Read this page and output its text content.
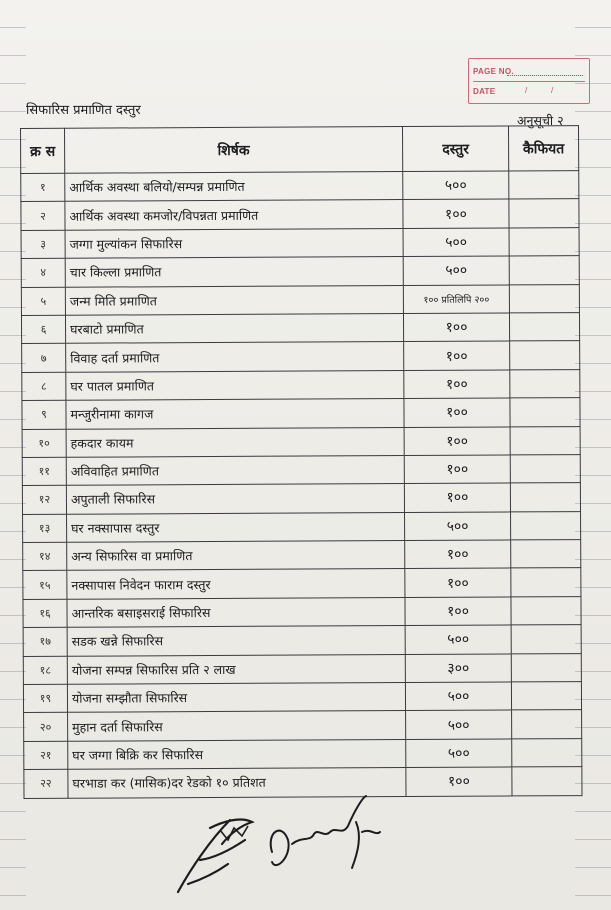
PAGE NO.
DATE	/	/
सिफारिस प्रमाणित दस्तुर
अनुसूची २
क्र स	शिर्षक	दस्तुर	कैफियत
१	आर्थिक अवस्था बलियो/सम्पन्न प्रमाणित	५००	
२	आर्थिक अवस्था कमजोर/विपन्नता प्रमाणित	१००	
३	जग्गा मुल्यांकन सिफारिस	५००	
४	चार किल्ला प्रमाणित	५००	
५	जन्म मिति प्रमाणित	१०० प्रतिलिपि २००	
६	घरबाटो प्रमाणित	१००	
७	विवाह दर्ता प्रमाणित	१००	
८	घर पातल प्रमाणित	१००	
९	मन्जुरीनामा कागज	१००	
१०	हकदार कायम	१००	
११	अविवाहित प्रमाणित	१००	
१२	अपुताली सिफारिस	१००	
१३	घर नक्सापास दस्तुर	५००	
१४	अन्य सिफारिस वा प्रमाणित	१००	
१५	नक्सापास निवेदन फाराम दस्तुर	१००	
१६	आन्तरिक बसाइसराई सिफारिस	१००	
१७	सडक खन्ने सिफारिस	५००	
१८	योजना सम्पन्न सिफारिस प्रति २ लाख	३००	
१९	योजना सम्झौता सिफारिस	५००	
२०	मुहान दर्ता सिफारिस	५००	
२१	घर जग्गा बिक्रि कर सिफारिस	५००	
२२	घरभाडा कर (मासिक)दर रेडको १० प्रतिशत	१००	
